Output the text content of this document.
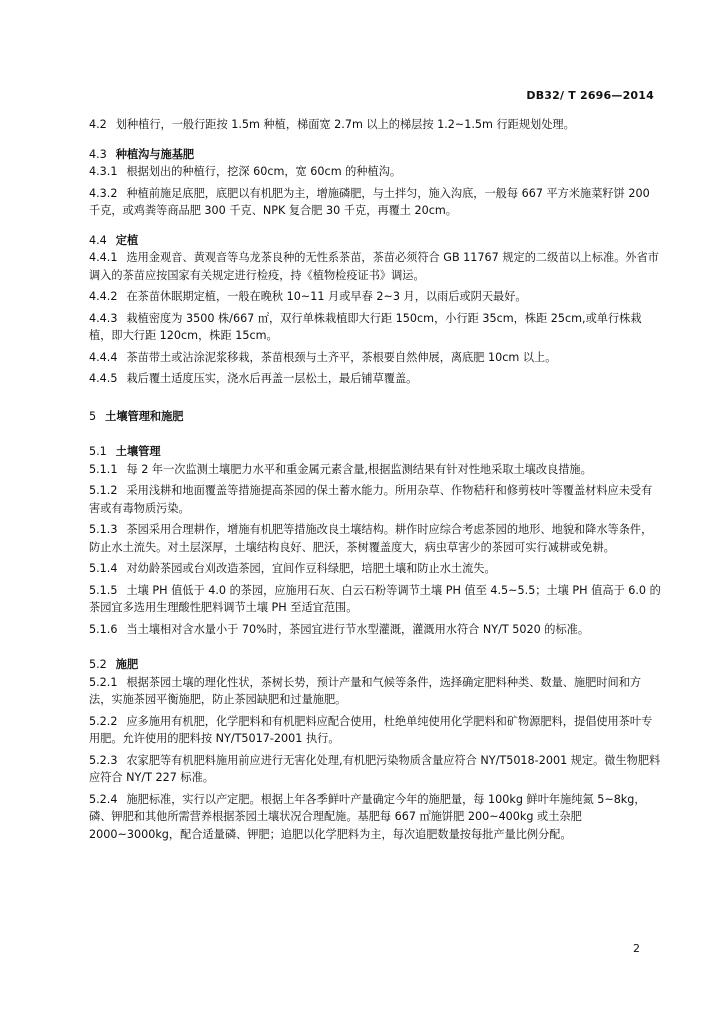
DB32/ T 2696—2014

4.2 划种植行，一般行距按 1.5m 种植，梯面宽 2.7m 以上的梯层按 1.2~1.5m 行距规划处理。

4.3 种植沟与施基肥

4.3.1 根据划出的种植行，挖深 60cm，宽 60cm 的种植沟。

4.3.2 种植前施足底肥，底肥以有机肥为主，增施磷肥，与土拌匀，施入沟底，一般每 667 平方米施菜籽饼 200 千克，或鸡粪等商品肥 300 千克、NPK 复合肥 30 千克，再覆土 20cm。

4.4 定植

4.4.1 选用金观音、黄观音等乌龙茶良种的无性系茶苗，茶苗必须符合 GB 11767 规定的二级苗以上标准。外省市调入的茶苗应按国家有关规定进行检疫，持《植物检疫证书》调运。

4.4.2 在茶苗休眠期定植，一般在晚秋 10~11 月或早春 2~3 月，以雨后或阴天最好。

4.4.3 栽植密度为 3500 株/667 ㎡，双行单株栽植即大行距 150cm，小行距 35cm，株距 25cm,或单行株栽植，即大行距 120cm，株距 15cm。

4.4.4 茶苗带土或沾涂泥浆移栽，茶苗根颈与土齐平，茶根要自然伸展，离底肥 10cm 以上。

4.4.5 栽后覆土适度压实，浇水后再盖一层松土，最后铺草覆盖。

5 土壤管理和施肥

5.1 土壤管理

5.1.1 每 2 年一次监测土壤肥力水平和重金属元素含量,根据监测结果有针对性地采取土壤改良措施。

5.1.2 采用浅耕和地面覆盖等措施提高茶园的保土蓄水能力。所用杂草、作物秸秆和修剪枝叶等覆盖材料应未受有害或有毒物质污染。

5.1.3 茶园采用合理耕作，增施有机肥等措施改良土壤结构。耕作时应综合考虑茶园的地形、地貌和降水等条件，防止水土流失。对土层深厚，土壤结构良好、肥沃，茶树覆盖度大，病虫草害少的茶园可实行减耕或免耕。

5.1.4 对幼龄茶园或台刈改造茶园，宜间作豆科绿肥，培肥土壤和防止水土流失。

5.1.5 土壤 PH 值低于 4.0 的茶园，应施用石灰、白云石粉等调节土壤 PH 值至 4.5~5.5；土壤 PH 值高于 6.0 的茶园宜多选用生理酸性肥料调节土壤 PH 至适宜范围。

5.1.6 当土壤相对含水量小于 70%时，茶园宜进行节水型灌溉，灌溉用水符合 NY/T 5020 的标准。

5.2 施肥

5.2.1 根据茶园土壤的理化性状，茶树长势，预计产量和气候等条件，选择确定肥料种类、数量、施肥时间和方法，实施茶园平衡施肥，防止茶园缺肥和过量施肥。

5.2.2 应多施用有机肥，化学肥料和有机肥料应配合使用，杜绝单纯使用化学肥料和矿物源肥料，提倡使用茶叶专用肥。允许使用的肥料按 NY/T5017-2001 执行。

5.2.3 农家肥等有机肥料施用前应进行无害化处理,有机肥污染物质含量应符合 NY/T5018-2001 规定。微生物肥料应符合 NY/T 227 标准。

5.2.4 施肥标准，实行以产定肥。根据上年各季鲜叶产量确定今年的施肥量，每 100kg 鲜叶年施纯氮 5~8kg，磷、钾肥和其他所需营养根据茶园土壤状况合理配施。基肥每 667 ㎡施饼肥 200~400kg 或土杂肥 2000~3000kg，配合适量磷、钾肥；追肥以化学肥料为主，每次追肥数量按每批产量比例分配。

2
